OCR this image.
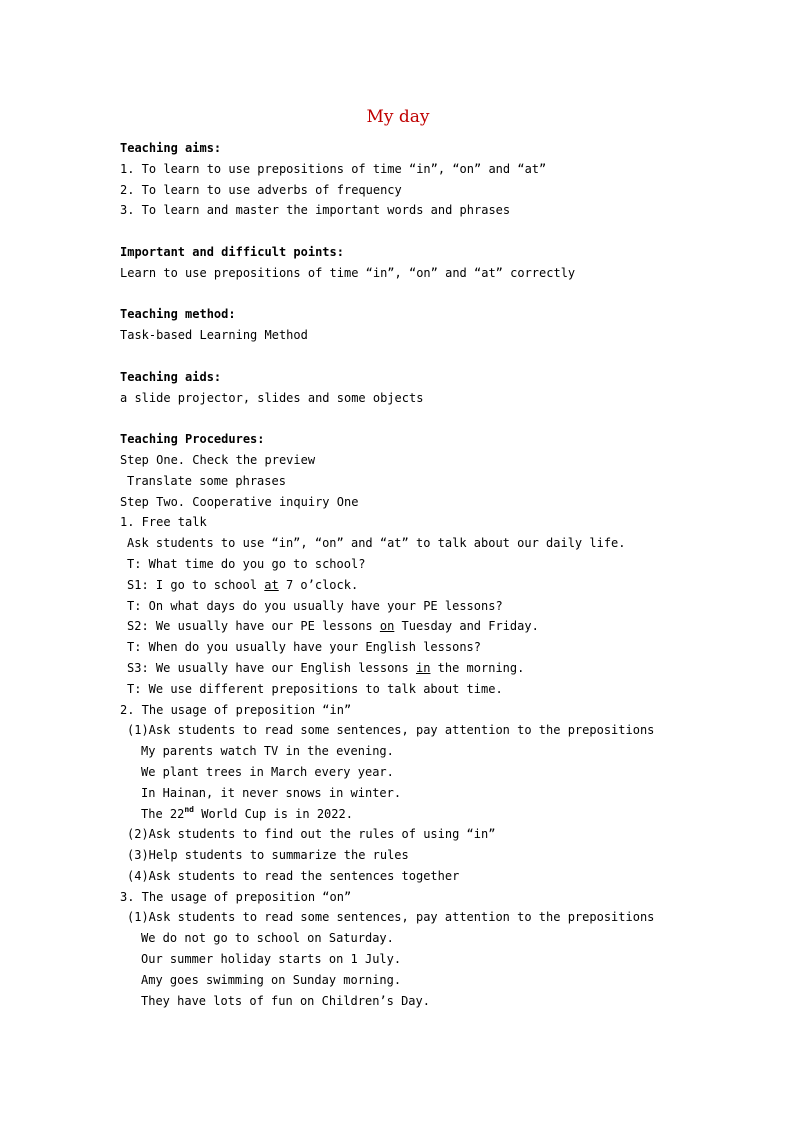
My day
Teaching aims:
1. To learn to use prepositions of time “in”, “on” and “at”
2. To learn to use adverbs of frequency
3. To learn and master the important words and phrases
Important and difficult points:
Learn to use prepositions of time “in”, “on” and “at” correctly
Teaching method:
Task-based Learning Method
Teaching aids:
a slide projector, slides and some objects
Teaching Procedures:
Step One. Check the preview
Translate some phrases
Step Two. Cooperative inquiry One
1. Free talk
Ask students to use “in”, “on” and “at” to talk about our daily life.
T: What time do you go to school?
S1: I go to school at 7 o’clock.
T: On what days do you usually have your PE lessons?
S2: We usually have our PE lessons on Tuesday and Friday.
T: When do you usually have your English lessons?
S3: We usually have our English lessons in the morning.
T: We use different prepositions to talk about time.
2. The usage of preposition “in”
(1)Ask students to read some sentences, pay attention to the prepositions
My parents watch TV in the evening.
We plant trees in March every year.
In Hainan, it never snows in winter.
The 22nd World Cup is in 2022.
(2)Ask students to find out the rules of using “in”
(3)Help students to summarize the rules
(4)Ask students to read the sentences together
3. The usage of preposition “on”
(1)Ask students to read some sentences, pay attention to the prepositions
We do not go to school on Saturday.
Our summer holiday starts on 1 July.
Amy goes swimming on Sunday morning.
They have lots of fun on Children’s Day.
